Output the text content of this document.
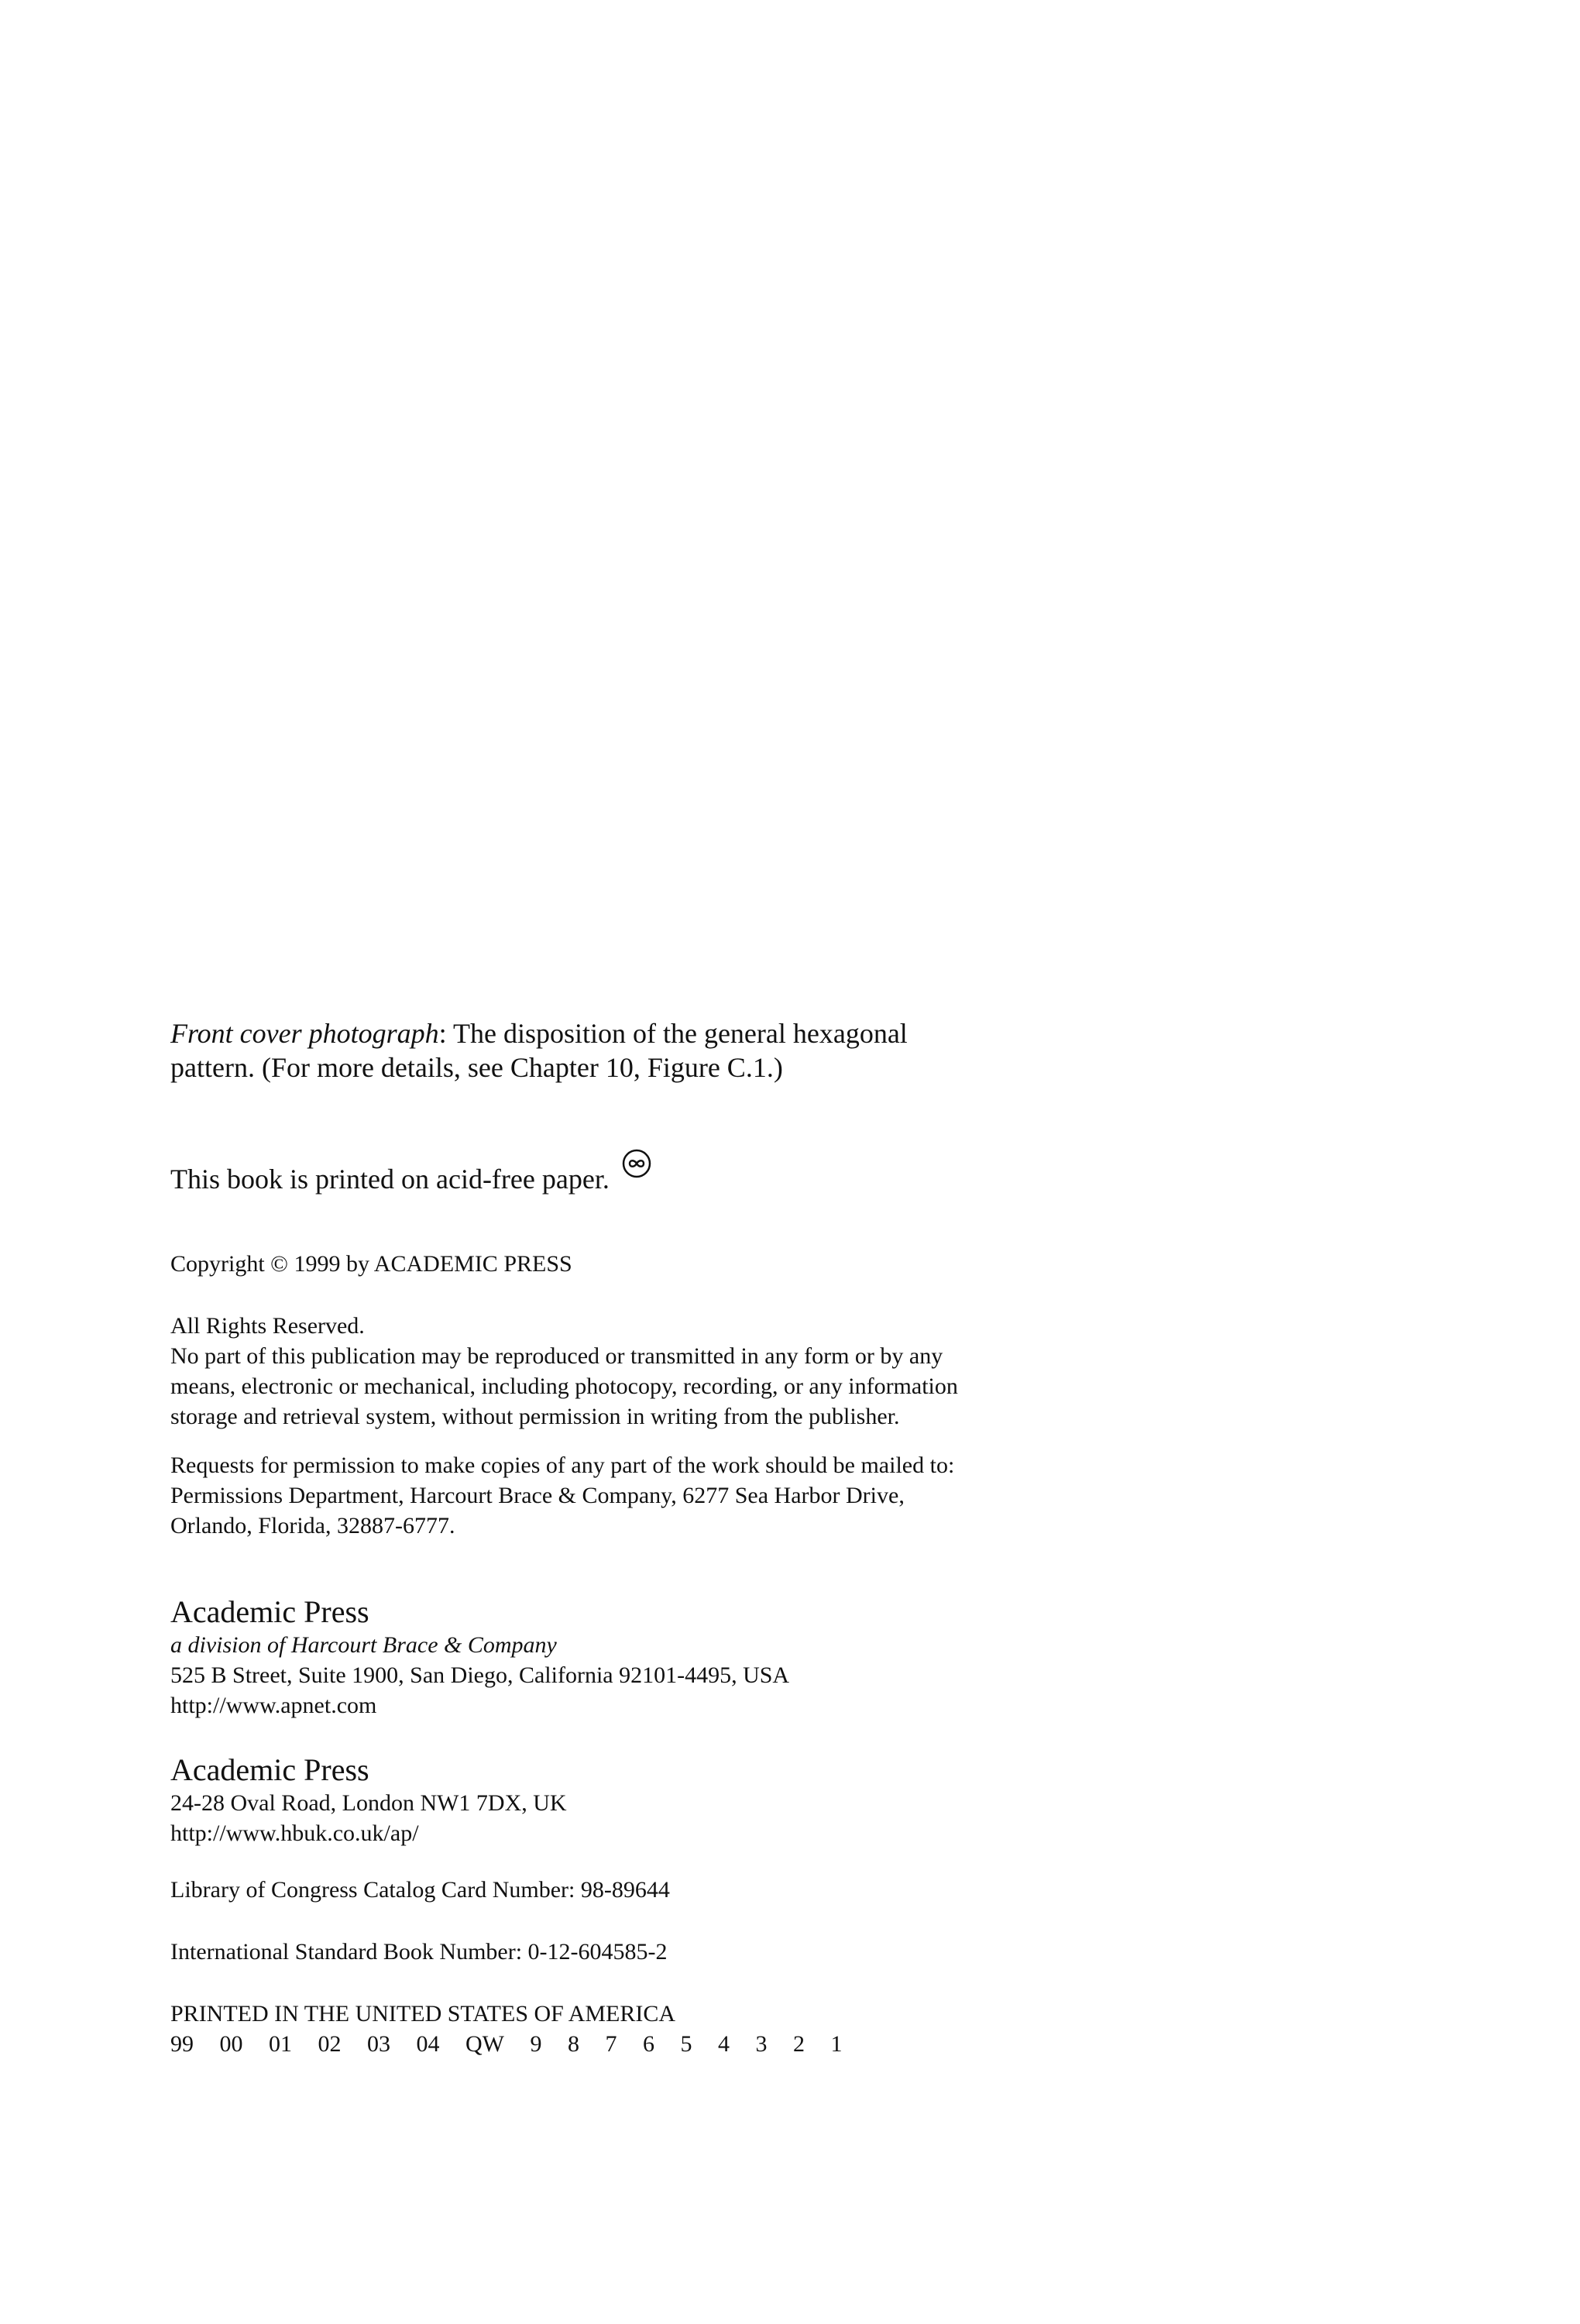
Front cover photograph: The disposition of the general hexagonal
pattern. (For more details, see Chapter 10, Figure C.1.)
This book is printed on acid-free paper.
Copyright © 1999 by ACADEMIC PRESS
All Rights Reserved.
No part of this publication may be reproduced or transmitted in any form or by any
means, electronic or mechanical, including photocopy, recording, or any information
storage and retrieval system, without permission in writing from the publisher.
Requests for permission to make copies of any part of the work should be mailed to:
Permissions Department, Harcourt Brace & Company, 6277 Sea Harbor Drive,
Orlando, Florida, 32887-6777.
Academic Press
a division of Harcourt Brace & Company
525 B Street, Suite 1900, San Diego, California 92101-4495, USA
http://www.apnet.com
Academic Press
24-28 Oval Road, London NW1 7DX, UK
http://www.hbuk.co.uk/ap/
Library of Congress Catalog Card Number: 98-89644
International Standard Book Number: 0-12-604585-2
PRINTED IN THE UNITED STATES OF AMERICA
99 00 01 02 03 04 QW 9 8 7 6 5 4 3 2 1
